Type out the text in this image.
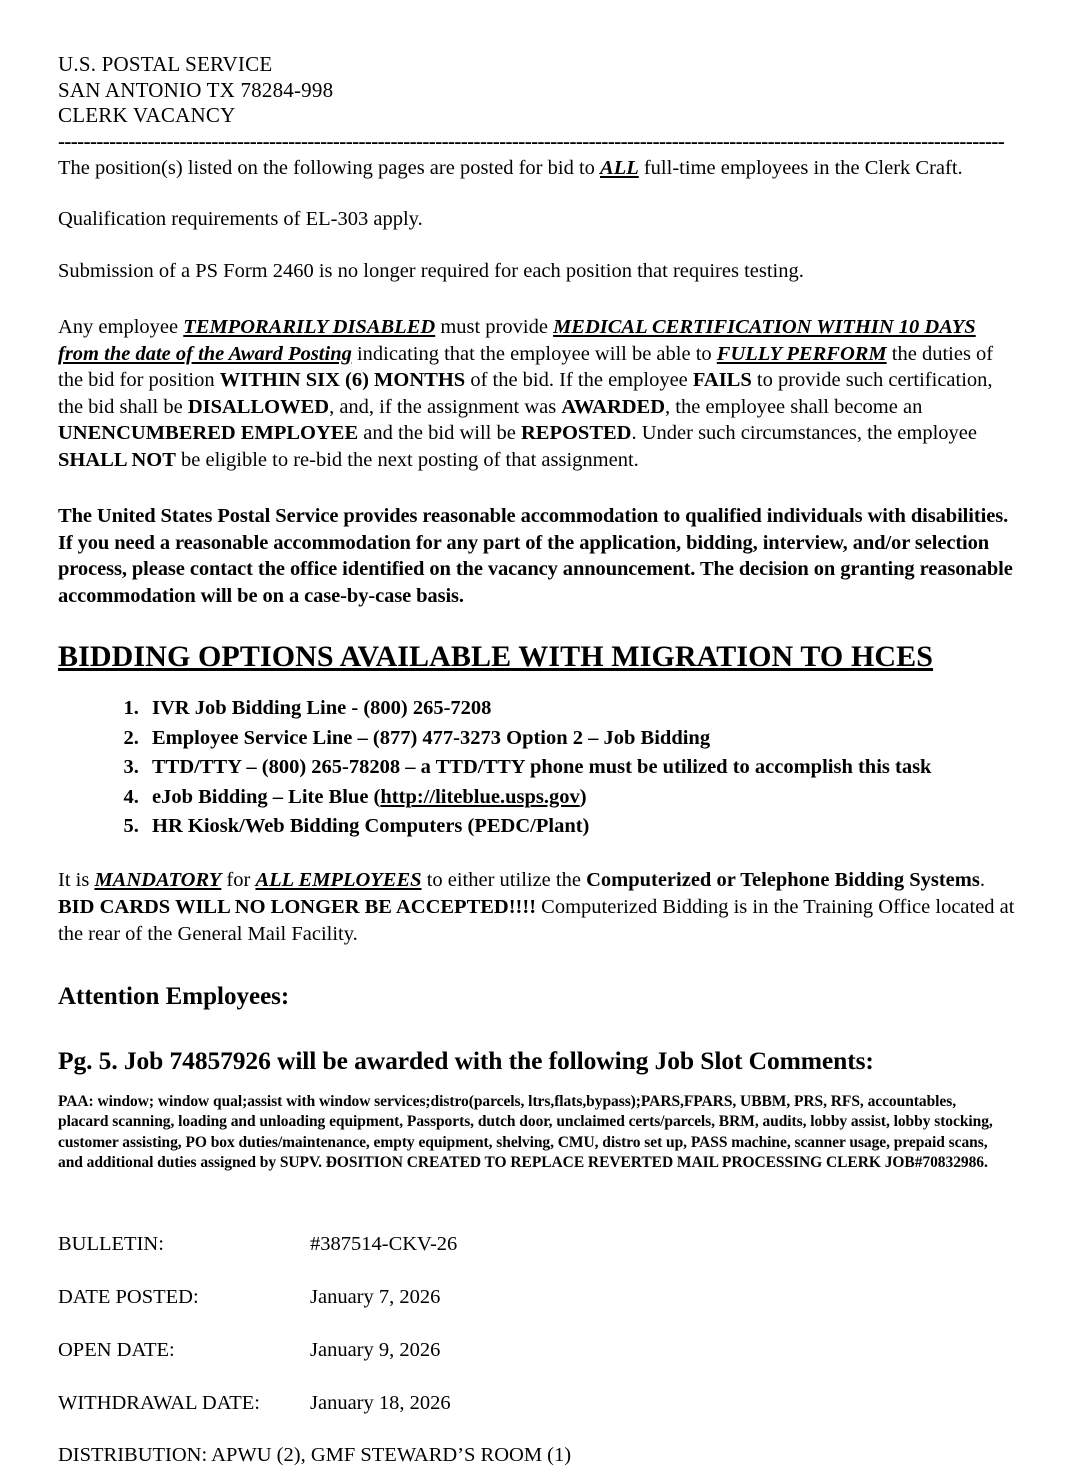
U.S. POSTAL SERVICE
SAN ANTONIO TX 78284-998
CLERK VACANCY
----------------------------------------------------------------------------------------------------------------------------------------------------

The position(s) listed on the following pages are posted for bid to ALL full-time employees in the Clerk Craft.

Qualification requirements of EL-303 apply.

Submission of a PS Form 2460 is no longer required for each position that requires testing.

Any employee TEMPORARILY DISABLED must provide MEDICAL CERTIFICATION WITHIN 10 DAYS from the date of the Award Posting indicating that the employee will be able to FULLY PERFORM the duties of the bid for position WITHIN SIX (6) MONTHS of the bid. If the employee FAILS to provide such certification, the bid shall be DISALLOWED, and, if the assignment was AWARDED, the employee shall become an UNENCUMBERED EMPLOYEE and the bid will be REPOSTED. Under such circumstances, the employee SHALL NOT be eligible to re-bid the next posting of that assignment.

The United States Postal Service provides reasonable accommodation to qualified individuals with disabilities. If you need a reasonable accommodation for any part of the application, bidding, interview, and/or selection process, please contact the office identified on the vacancy announcement. The decision on granting reasonable accommodation will be on a case-by-case basis.

BIDDING OPTIONS AVAILABLE WITH MIGRATION TO HCES
1. IVR Job Bidding Line - (800) 265-7208
2. Employee Service Line – (877) 477-3273 Option 2 – Job Bidding
3. TTD/TTY – (800) 265-78208 – a TTD/TTY phone must be utilized to accomplish this task
4. eJob Bidding – Lite Blue (http://liteblue.usps.gov)
5. HR Kiosk/Web Bidding Computers (PEDC/Plant)

It is MANDATORY for ALL EMPLOYEES to either utilize the Computerized or Telephone Bidding Systems. BID CARDS WILL NO LONGER BE ACCEPTED!!!! Computerized Bidding is in the Training Office located at the rear of the General Mail Facility.

Attention Employees:
Pg. 5. Job 74857926 will be awarded with the following Job Slot Comments:

PAA: window; window qual;assist with window services;distro(parcels, ltrs,flats,bypass);PARS,FPARS, UBBM, PRS, RFS, accountables, placard scanning, loading and unloading equipment, Passports, dutch door, unclaimed certs/parcels, BRM, audits, lobby assist, lobby stocking, customer assisting, PO box duties/maintenance, empty equipment, shelving, CMU, distro set up, PASS machine, scanner usage, prepaid scans, and additional duties assigned by SUPV. ÐOSITION CREATED TO REPLACE REVERTED MAIL PROCESSING CLERK JOB#70832986.

BULLETIN:	#387514-CKV-26
DATE POSTED:	January 7, 2026
OPEN DATE:	January 9, 2026
WITHDRAWAL DATE:	January 18, 2026
DISTRIBUTION: APWU (2), GMF STEWARD’S ROOM (1)
